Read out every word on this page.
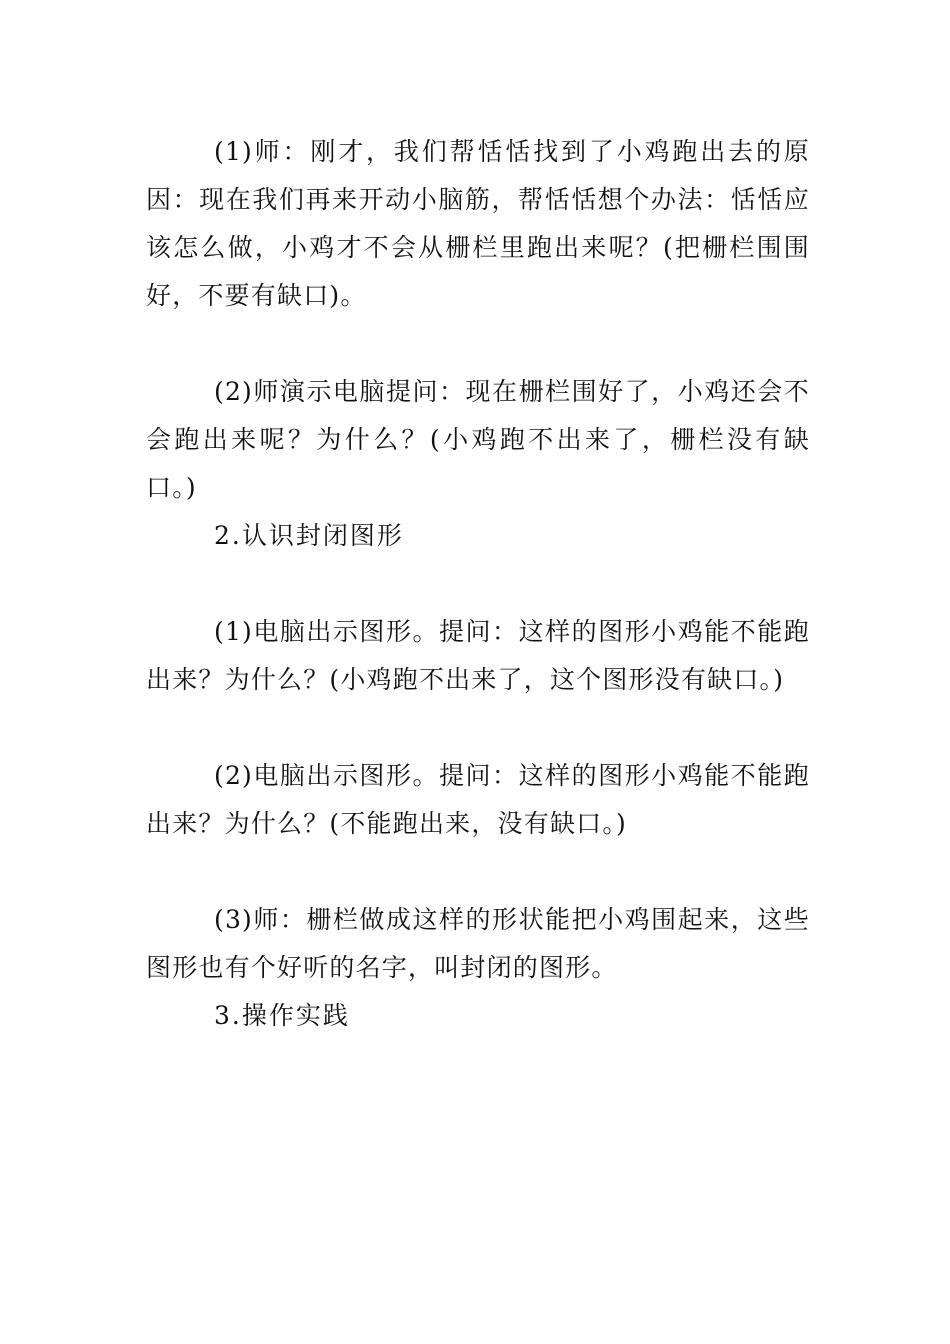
(1)师：刚才，我们帮恬恬找到了小鸡跑出去的原因：现在我们再来开动小脑筋，帮恬恬想个办法：恬恬应该怎么做，小鸡才不会从栅栏里跑出来呢？(把栅栏围围好，不要有缺口)。

(2)师演示电脑提问：现在栅栏围好了，小鸡还会不会跑出来呢？为什么？(小鸡跑不出来了，栅栏没有缺口。)

2.认识封闭图形

(1)电脑出示图形。提问：这样的图形小鸡能不能跑出来？为什么？(小鸡跑不出来了，这个图形没有缺口。)

(2)电脑出示图形。提问：这样的图形小鸡能不能跑出来？为什么？(不能跑出来，没有缺口。)

(3)师：栅栏做成这样的形状能把小鸡围起来，这些图形也有个好听的名字，叫封闭的图形。

3.操作实践
